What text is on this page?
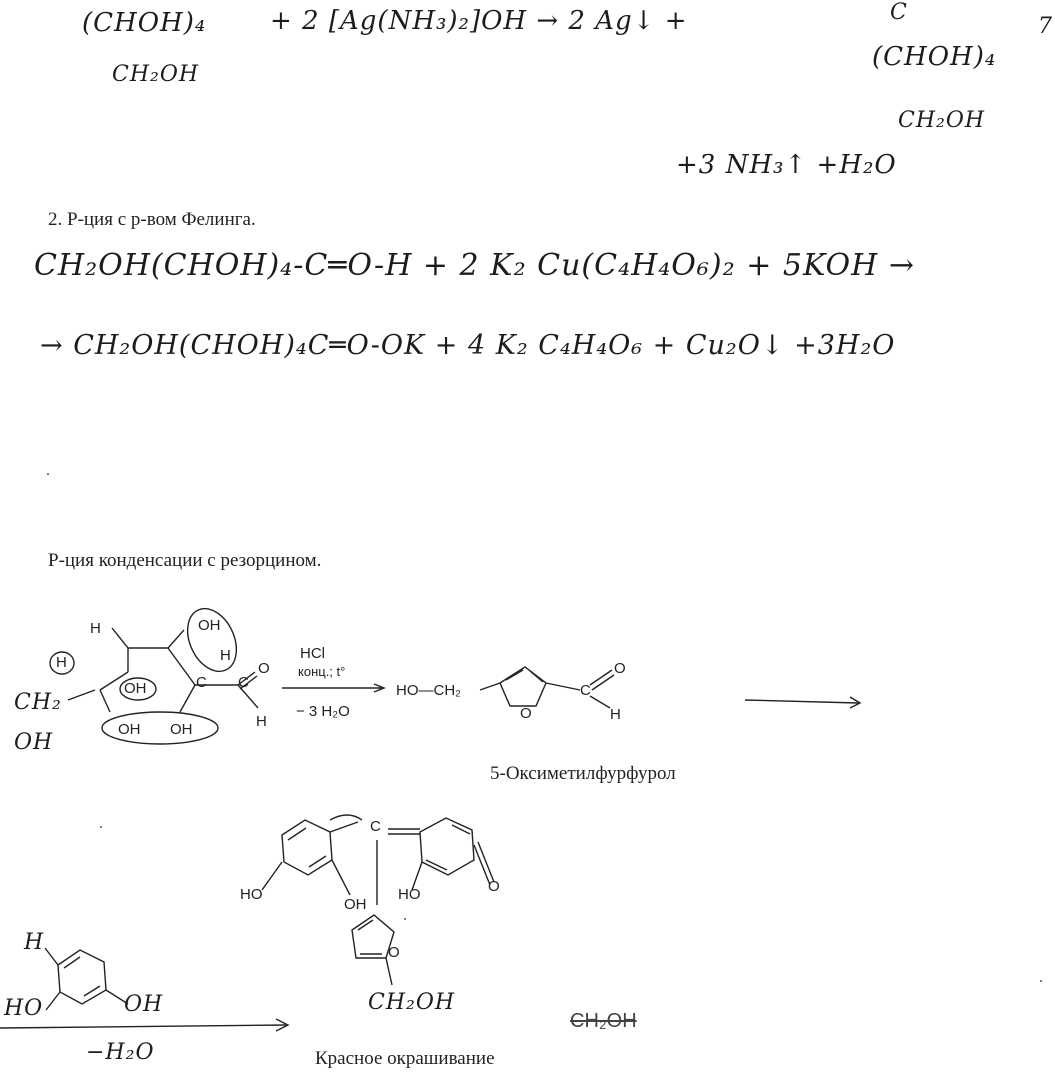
(CHOH)₄
CH₂OH
+ 2 [Ag(NH₃)₂]OH → 2 Ag↓ +	C
(CHOH)₄
CH₂OH
+3 NH₃↑ +H₂O
7
2. Р-ция с р-вом Фелинга.
CH₂OH(CHOH)₄-C═O-H + 2 K₂ Cu(C₄H₄O₆)₂ + 5KOH →
→ CH₂OH(CHOH)₄C═O-OK + 4 K₂ C₄H₄O₆ + Cu₂O↓ +3H₂O
Р-ция конденсации с резорцином.
H	OH
H
OH
H
OH OH	H
O
C C
CH₂
OH
HCl
конц.; t°
− 3 H₂O
HO—CH₂
O
C
O
H
5-Оксиметилфурфурол
HO
OH
HO	O
C
O
CH₂OH
H
HO	OH
−H₂O
CH₂OH
Красное окрашивание
